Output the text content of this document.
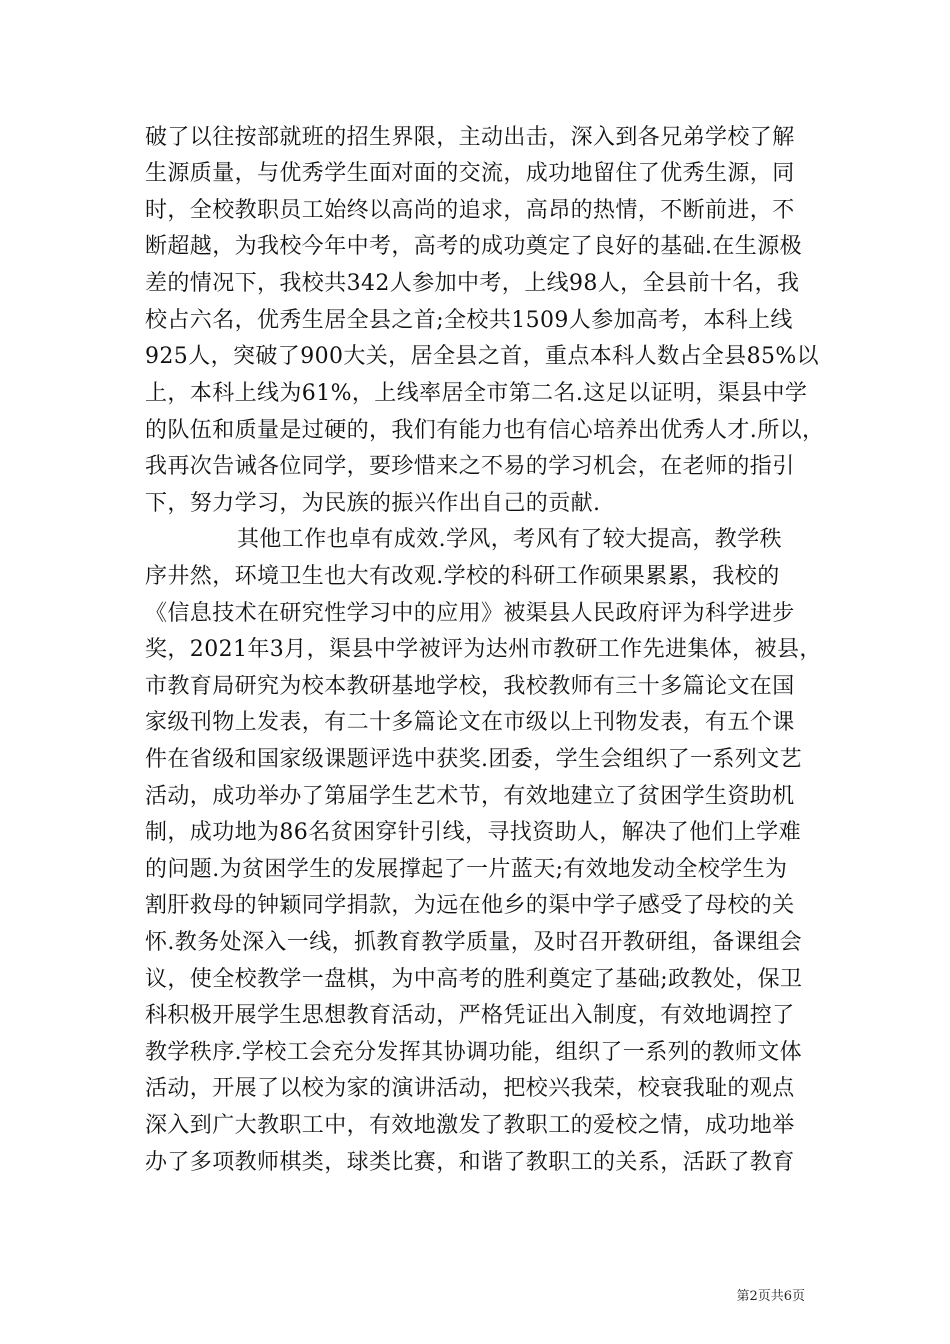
破了以往按部就班的招生界限，主动出击，深入到各兄弟学校了解
生源质量，与优秀学生面对面的交流，成功地留住了优秀生源，同
时，全校教职员工始终以高尚的追求，高昂的热情，不断前进，不
断超越，为我校今年中考，高考的成功奠定了良好的基础.在生源极
差的情况下，我校共342人参加中考，上线98人，全县前十名，我
校占六名，优秀生居全县之首;全校共1509人参加高考，本科上线
925人，突破了900大关，居全县之首，重点本科人数占全县85%以
上，本科上线为61%，上线率居全市第二名.这足以证明，渠县中学
的队伍和质量是过硬的，我们有能力也有信心培养出优秀人才.所以，
我再次告诫各位同学，要珍惜来之不易的学习机会，在老师的指引
下，努力学习，为民族的振兴作出自己的贡献.
其他工作也卓有成效.学风，考风有了较大提高，教学秩
序井然，环境卫生也大有改观.学校的科研工作硕果累累，我校的
《信息技术在研究性学习中的应用》被渠县人民政府评为科学进步
奖，2021年3月，渠县中学被评为达州市教研工作先进集体，被县，
市教育局研究为校本教研基地学校，我校教师有三十多篇论文在国
家级刊物上发表，有二十多篇论文在市级以上刊物发表，有五个课
件在省级和国家级课题评选中获奖.团委，学生会组织了一系列文艺
活动，成功举办了第届学生艺术节，有效地建立了贫困学生资助机
制，成功地为86名贫困穿针引线，寻找资助人，解决了他们上学难
的问题.为贫困学生的发展撑起了一片蓝天;有效地发动全校学生为
割肝救母的钟颖同学捐款，为远在他乡的渠中学子感受了母校的关
怀.教务处深入一线，抓教育教学质量，及时召开教研组，备课组会
议，使全校教学一盘棋，为中高考的胜利奠定了基础;政教处，保卫
科积极开展学生思想教育活动，严格凭证出入制度，有效地调控了
教学秩序.学校工会充分发挥其协调功能，组织了一系列的教师文体
活动，开展了以校为家的演讲活动，把校兴我荣，校衰我耻的观点
深入到广大教职工中，有效地激发了教职工的爱校之情，成功地举
办了多项教师棋类，球类比赛，和谐了教职工的关系，活跃了教育
第2页共6页
